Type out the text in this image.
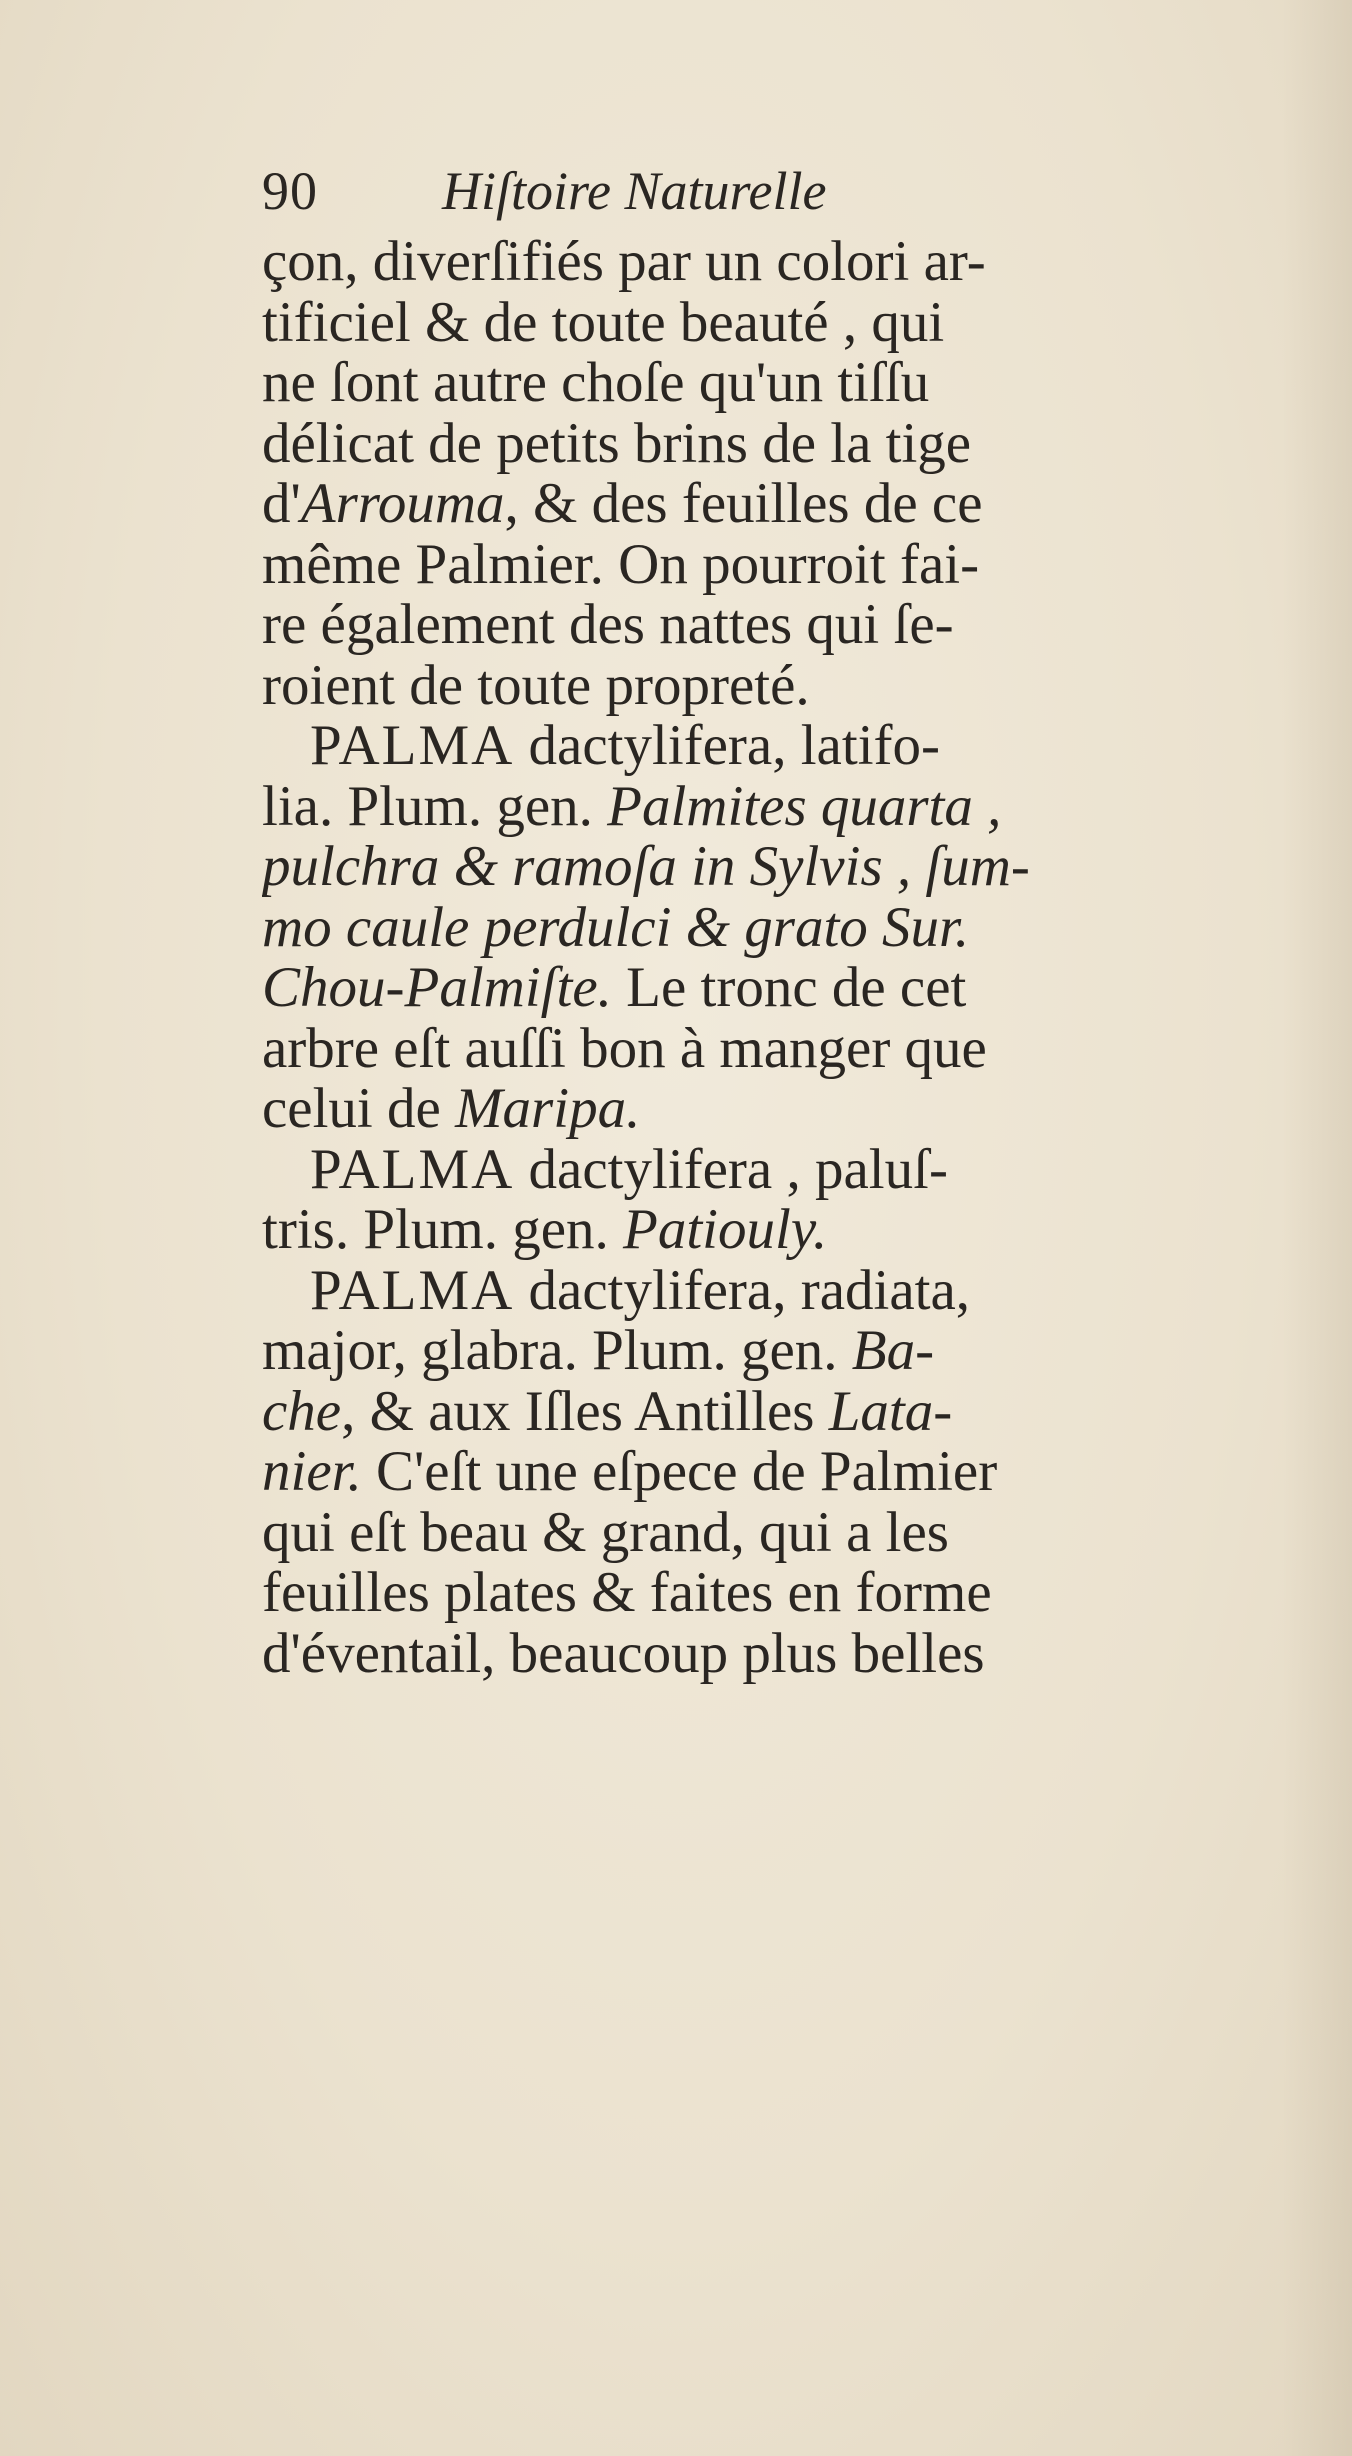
90 Hiſtoire Naturelle
çon, diverſifiés par un colori ar-
tificiel & de toute beauté , qui
ne ſont autre choſe qu'un tiſſu
délicat de petits brins de la tige
d'Arrouma, & des feuilles de ce
même Palmier. On pourroit fai-
re également des nattes qui ſe-
roient de toute propreté.
PALMA dactylifera, latifo-
lia. Plum. gen. Palmites quarta ,
pulchra & ramoſa in Sylvis , ſum-
mo caule perdulci & grato Sur.
Chou-Palmiſte. Le tronc de cet
arbre eſt auſſi bon à manger que
celui de Maripa.
PALMA dactylifera , paluſ-
tris. Plum. gen. Patiouly.
PALMA dactylifera, radiata,
major, glabra. Plum. gen. Ba-
che, & aux Iſles Antilles Lata-
nier. C'eſt une eſpece de Palmier
qui eſt beau & grand, qui a les
feuilles plates & faites en forme
d'éventail, beaucoup plus belles
